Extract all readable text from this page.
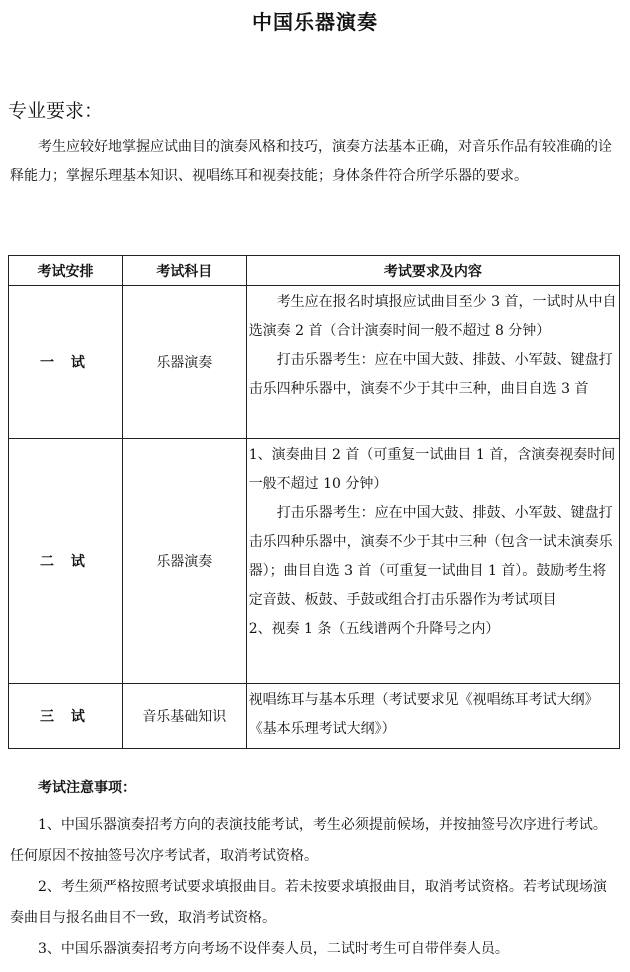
中国乐器演奏
专业要求：

考生应较好地掌握应试曲目的演奏风格和技巧，演奏方法基本正确，对音乐作品有较准确的诠释能力；掌握乐理基本知识、视唱练耳和视奏技能；身体条件符合所学乐器的要求。

考试安排	考试科目	考试要求及内容
一 试	乐器演奏	考生应在报名时填报应试曲目至少 3 首，一试时从中自选演奏 2 首（合计演奏时间一般不超过 8 分钟）

打击乐器考生：应在中国大鼓、排鼓、小军鼓、键盘打击乐四种乐器中，演奏不少于其中三种，曲目自选 3 首

二 试	乐器演奏	1、演奏曲目 2 首（可重复一试曲目 1 首，含演奏视奏时间一般不超过 10 分钟）

打击乐器考生：应在中国大鼓、排鼓、小军鼓、键盘打击乐四种乐器中，演奏不少于其中三种（包含一试未演奏乐器）；曲目自选 3 首（可重复一试曲目 1 首）。鼓励考生将定音鼓、板鼓、手鼓或组合打击乐器作为考试项目

2、视奏 1 条（五线谱两个升降号之内）

三 试	音乐基础知识	视唱练耳与基本乐理（考试要求见《视唱练耳考试大纲》《基本乐理考试大纲》）

考试注意事项：

1、中国乐器演奏招考方向的表演技能考试，考生必须提前候场，并按抽签号次序进行考试。任何原因不按抽签号次序考试者，取消考试资格。

2、考生须严格按照考试要求填报曲目。若未按要求填报曲目，取消考试资格。若考试现场演奏曲目与报名曲目不一致，取消考试资格。

3、中国乐器演奏招考方向考场不设伴奏人员，二试时考生可自带伴奏人员。
